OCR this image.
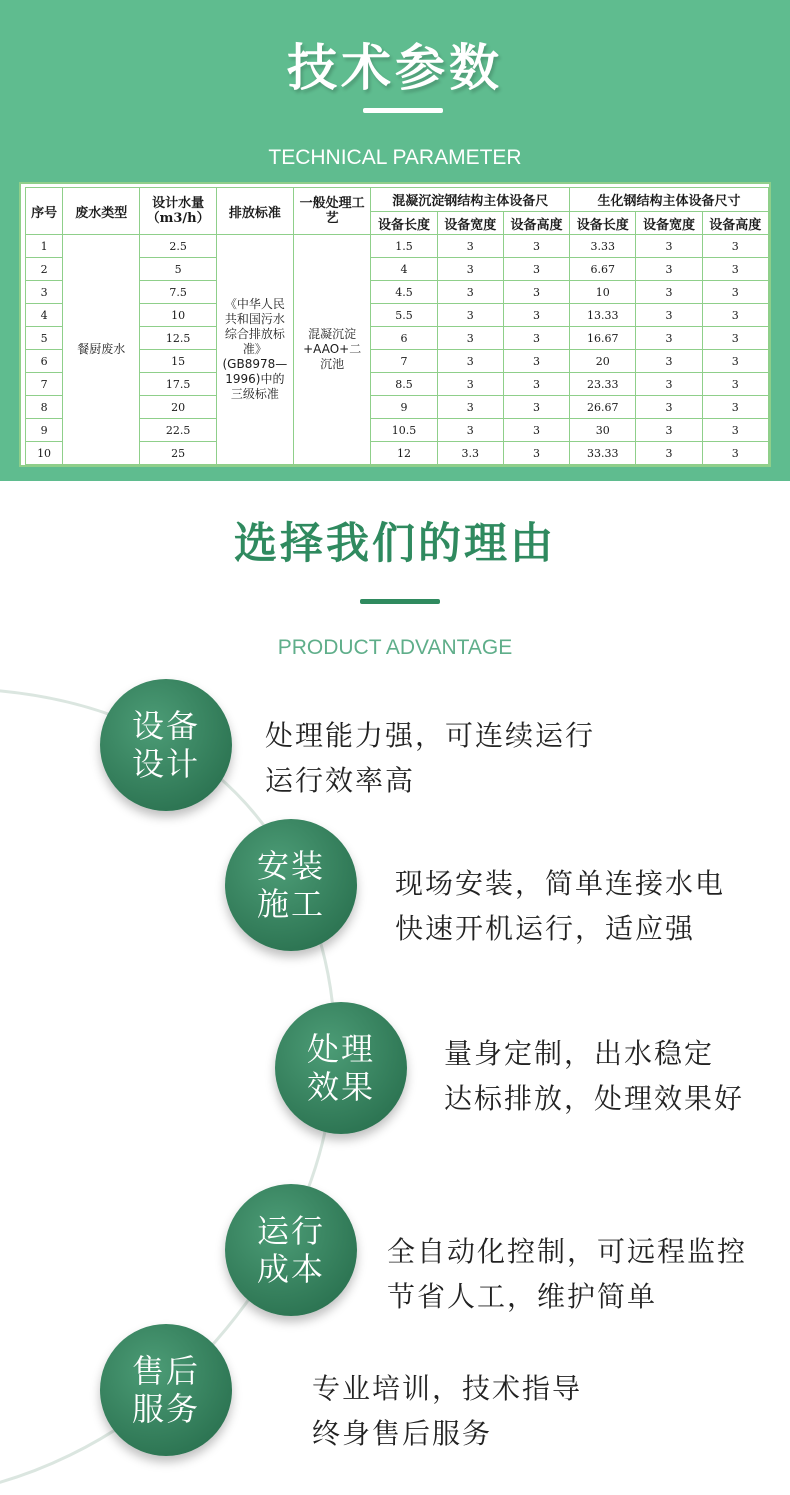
技术参数
TECHNICAL PARAMETER
序号	废水类型	设计水量（m3/h）	排放标准	一般处理工艺	混凝沉淀钢结构主体设备尺			生化钢结构主体设备尺寸		
					设备长度	设备宽度	设备高度	设备长度	设备宽度	设备高度
1	餐厨废水	2.5	《中华人民共和国污水综合排放标准》(GB8978—1996)中的三级标准	混凝沉淀+AAO+二沉池	1.5	3	3	3.33	3	3
2		5			4	3	3	6.67	3	3
3		7.5			4.5	3	3	10	3	3
4		10			5.5	3	3	13.33	3	3
5		12.5			6	3	3	16.67	3	3
6		15			7	3	3	20	3	3
7		17.5			8.5	3	3	23.33	3	3
8		20			9	3	3	26.67	3	3
9		22.5			10.5	3	3	30	3	3
10		25			12	3.3	3	33.33	3	3
选择我们的理由
PRODUCT ADVANTAGE
设备设计
处理能力强，可连续运行
运行效率高
安装施工
现场安装，简单连接水电
快速开机运行，适应强
处理效果
量身定制，出水稳定
达标排放，处理效果好
运行成本 全自动化控制，可远程监控
节省人工，维护简单
售后服务
专业培训，技术指导
终身售后服务
